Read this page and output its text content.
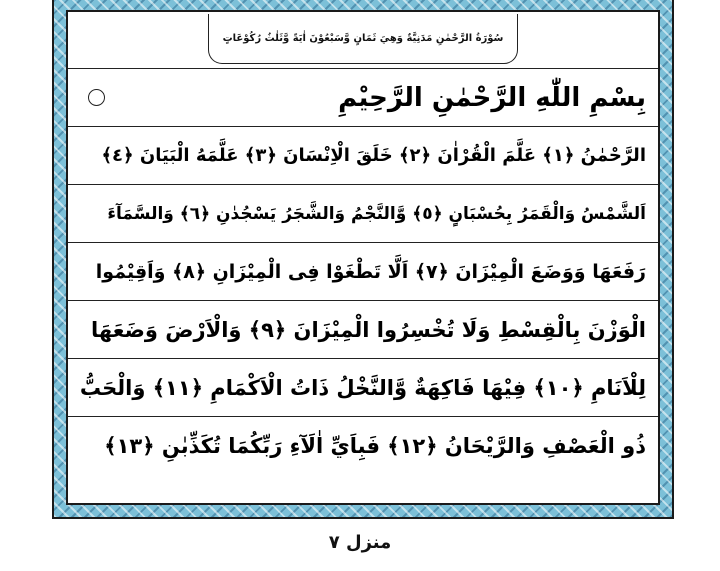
سُوْرَةُ الرَّحْمٰنِ مَدَنِيَّةٌ وَهِيَ ثَمَانٍ وَّسَبْعُوْنَ اٰيَةً وَّثَلٰثُ رُكُوْعَاتٍ
بِسْمِ اللّٰهِ الرَّحْمٰنِ الرَّحِيْمِ
الرَّحْمٰنُ ﴿١﴾ عَلَّمَ الْقُرْاٰنَ ﴿٢﴾ خَلَقَ الْاِنْسَانَ ﴿٣﴾ عَلَّمَهُ الْبَيَانَ ﴿٤﴾
اَلشَّمْسُ وَالْقَمَرُ بِحُسْبَانٍ ﴿٥﴾ وَّالنَّجْمُ وَالشَّجَرُ يَسْجُدٰنِ ﴿٦﴾ وَالسَّمَآءَ
رَفَعَهَا وَوَضَعَ الْمِيْزَانَ ﴿٧﴾ اَلَّا تَطْغَوْا فِى الْمِيْزَانِ ﴿٨﴾ وَاَقِيْمُوا
الْوَزْنَ بِالْقِسْطِ وَلَا تُخْسِرُوا الْمِيْزَانَ ﴿٩﴾ وَالْاَرْضَ وَضَعَهَا
لِلْاَنَامِ ﴿١٠﴾ فِيْهَا فَاكِهَةٌ وَّالنَّخْلُ ذَاتُ الْاَكْمَامِ ﴿١١﴾ وَالْحَبُّ
ذُو الْعَصْفِ وَالرَّيْحَانُ ﴿١٢﴾ فَبِاَيِّ اٰلَآءِ رَبِّكُمَا تُكَذِّبٰنِ ﴿١٣﴾
منزل ٧
